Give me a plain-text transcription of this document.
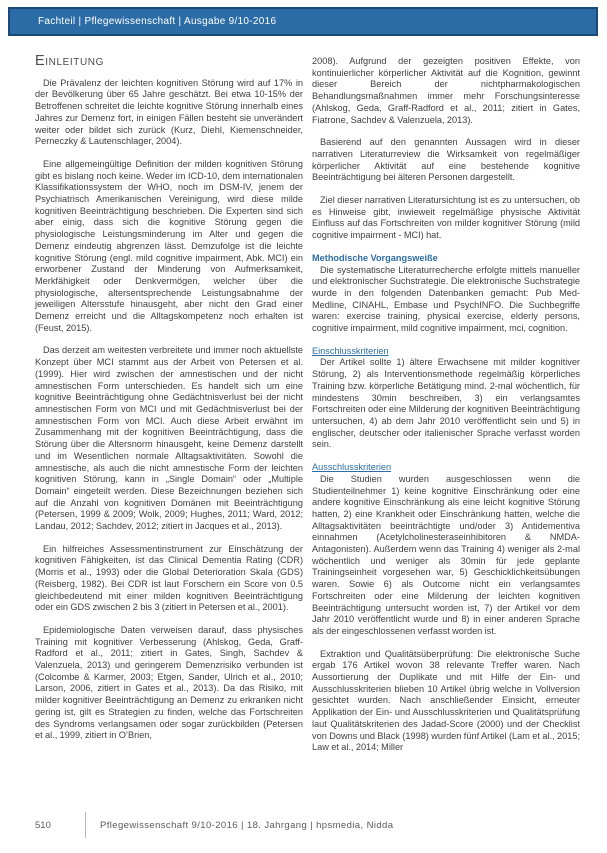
Fachteil | Pflegewissenschaft | Ausgabe 9/10-2016
Einleitung

Die Prävalenz der leichten kognitiven Störung wird auf 17% in der Bevölkerung über 65 Jahre geschätzt. Bei etwa 10-15% der Betroffenen schreitet die leichte kognitive Störung innerhalb eines Jahres zur Demenz fort, in einigen Fällen besteht sie unverändert weiter oder bildet sich zurück (Kurz, Diehl, Kiemenschneider, Perneczky & Lautenschlager, 2004).

Eine allgemeingültige Definition der milden kognitiven Störung gibt es bislang noch keine. Weder im ICD-10, dem internationalen Klassifikationssystem der WHO, noch im DSM-IV, jenem der Psychiatrisch Amerikanischen Vereinigung, wird diese milde kognitiven Beeinträchtigung beschrieben. Die Experten sind sich aber einig, dass sich die kognitive Störung gegen die physiologische Leistungsminderung im Alter und gegen die Demenz eindeutig abgrenzen lässt. Demzufolge ist die leichte kognitive Störung (engl. mild cognitive impairment, Abk. MCI) ein erworbener Zustand der Minderung von Aufmerksamkeit, Merkfähigkeit oder Denkvermögen, welcher über die physiologische, altersentsprechende Leistungsabnahme der jeweiligen Altersstufe hinausgeht, aber nicht den Grad einer Demenz erreicht und die Alltagskompetenz noch erhalten ist (Feust, 2015).

Das derzeit am weitesten verbreitete und immer noch aktuellste Konzept über MCI stammt aus der Arbeit von Petersen et al. (1999). Hier wird zwischen der amnestischen und der nicht amnestischen Form unterschieden. Es handelt sich um eine kognitive Beeinträchtigung ohne Gedächtnisverlust bei der nicht amnestischen Form von MCI und mit Gedächtnisverlust bei der amnestischen Form von MCI. Auch diese Arbeit erwähnt im Zusammenhang mit der kognitiven Beeinträchtigung, dass die Störung über die Altersnorm hinausgeht, keine Demenz darstellt und im Wesentlichen normale Alltagsaktivitäten. Sowohl die amnestische, als auch die nicht amnestische Form der leichten kognitiven Störung, kann in „Single Domain“ oder „Multiple Domain“ eingeteilt werden. Diese Bezeichnungen beziehen sich auf die Anzahl von kognitiven Domänen mit Beeinträchtigung (Petersen, 1999 & 2009; Wolk, 2009; Hughes, 2011; Ward, 2012; Landau, 2012; Sachdev, 2012; zitiert in Jacques et al., 2013).

Ein hilfreiches Assessmentinstrument zur Einschätzung der kognitiven Fähigkeiten, ist das Clinical Dementia Rating (CDR) (Morris et al., 1993) oder die Global Deterioration Skala (GDS) (Reisberg, 1982). Bei CDR ist laut Forschern ein Score von 0.5 gleichbedeutend mit einer milden kognitiven Beeinträchtigung oder ein GDS zwischen 2 bis 3 (zitiert in Petersen et al., 2001).

Epidemiologische Daten verweisen darauf, dass physisches Training mit kognitiver Verbesserung (Ahlskog, Geda, Graff-Radford et al., 2011; zitiert in Gates, Singh, Sachdev & Valenzuela, 2013) und geringerem Demenzrisiko verbunden ist (Colcombe & Karmer, 2003; Etgen, Sander, Ulrich et al., 2010; Larson, 2006, zitiert in Gates et al., 2013). Da das Risiko, mit milder kognitiver Beeinträchtigung an Demenz zu erkranken nicht gering ist, gilt es Strategien zu finden, welche das Fortschreiten des Syndroms verlangsamen oder sogar zurückbilden (Petersen et al., 1999, zitiert in O’Brien,

2008). Aufgrund der gezeigten positiven Effekte, von kontinuierlicher körperlicher Aktivität auf die Kognition, gewinnt dieser Bereich der nichtpharmakologischen Behandlungsmaßnahmen immer mehr Forschungsinteresse (Ahlskog, Geda, Graff-Radford et al., 2011; zitiert in Gates, Fiatrone, Sachdev & Valenzuela, 2013).

Basierend auf den genannten Aussagen wird in dieser narrativen Literaturreview die Wirksamkeit von regelmäßiger körperlicher Aktivität auf eine bestehende kognitive Beeinträchtigung bei älteren Personen dargestellt.

Ziel dieser narrativen Literatursichtung ist es zu untersuchen, ob es Hinweise gibt, inwieweit regelmäßige physische Aktivität Einfluss auf das Fortschreiten von milder kognitiver Störung (mild cognitive impairment - MCI) hat.

Methodische Vorgangsweiße

Die systematische Literaturrecherche erfolgte mittels manueller und elektronischer Suchstrategie. Die elektronische Suchstrategie wurde in den folgenden Datenbanken gemacht: Pub Med-Medline, CINAHL, Embase und PsychINFO. Die Suchbegriffe waren: exercise training, physical exercise, elderly persons, cognitive impairment, mild cognitive impairment, mci, cognition.

Einschlusskriterien

Der Artikel sollte 1) ältere Erwachsene mit milder kognitiver Störung, 2) als Interventionsmethode regelmäßig körperliches Training bzw. körperliche Betätigung mind. 2-mal wöchentlich, für mindestens 30min beschreiben, 3) ein verlangsamtes Fortschreiten oder eine Milderung der kognitiven Beeinträchtigung untersuchen, 4) ab dem Jahr 2010 veröffentlicht sein und 5) in englischer, deutscher oder italienischer Sprache verfasst worden sein.

Ausschlusskriterien

Die Studien wurden ausgeschlossen wenn die Studienteilnehmer 1) keine kognitive Einschränkung oder eine andere kognitive Einschränkung als eine leicht kognitive Störung hatten, 2) eine Krankheit oder Einschränkung hatten, welche die Alltagsaktivitäten beeinträchtigte und/oder 3) Antidementiva einnahmen (Acetylcholinesteraseinhibitoren & NMDA-Antagonisten). Außerdem wenn das Training 4) weniger als 2-mal wöchentlich und weniger als 30min für jede geplante Trainingseinheit vorgesehen war, 5) Geschicklichkeitsübungen waren. Sowie 6) als Outcome nicht ein verlangsamtes Fortschreiten oder eine Milderung der leichten kognitiven Beeinträchtigung untersucht worden ist, 7) der Artikel vor dem Jahr 2010 veröffentlicht wurde und 8) in einer anderen Sprache als der eingeschlossenen verfasst worden ist.

Extraktion und Qualitätsüberprüfung: Die elektronische Suche ergab 176 Artikel wovon 38 relevante Treffer waren. Nach Aussortierung der Duplikate und mit Hilfe der Ein- und Ausschlusskriterien blieben 10 Artikel übrig welche in Vollversion gesichtet wurden. Nach anschließender Einsicht, erneuter Applikation der Ein- und Ausschlusskriterien und Qualitätsprüfung laut Qualitätskriterien des Jadad-Score (2000) und der Checklist von Downs und Black (1998) wurden fünf Artikel (Lam et al., 2015; Law et al., 2014; Miller

510	Pflegewissenschaft 9/10-2016 | 18. Jahrgang | hpsmedia, Nidda
